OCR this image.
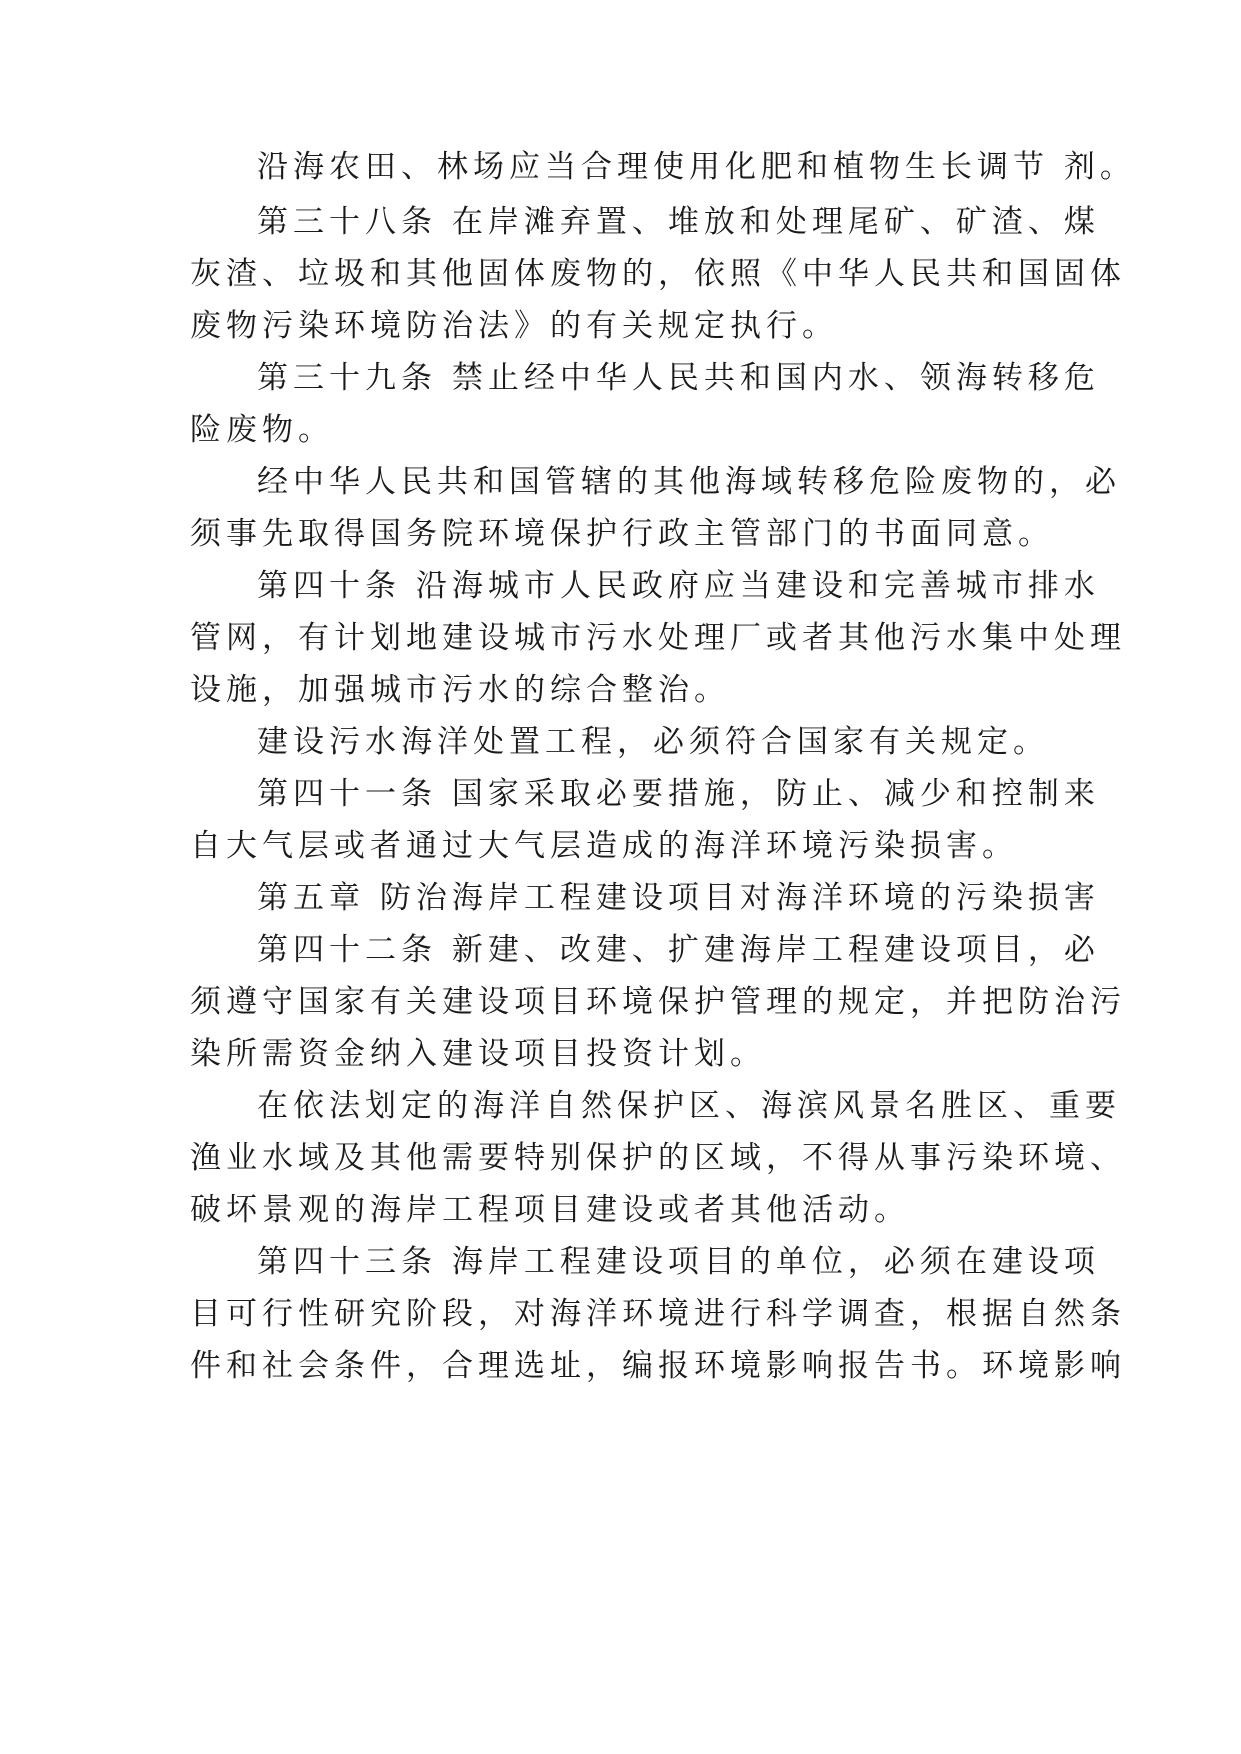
沿海农田、林场应当合理使用化肥和植物生长调节 剂。
第三十八条 在岸滩弃置、堆放和处理尾矿、矿渣、煤
灰渣、垃圾和其他固体废物的，依照《中华人民共和国固体
废物污染环境防治法》的有关规定执行。
第三十九条 禁止经中华人民共和国内水、领海转移危
险废物。
经中华人民共和国管辖的其他海域转移危险废物的，必
须事先取得国务院环境保护行政主管部门的书面同意。
第四十条 沿海城市人民政府应当建设和完善城市排水
管网，有计划地建设城市污水处理厂或者其他污水集中处理
设施，加强城市污水的综合整治。
建设污水海洋处置工程，必须符合国家有关规定。
第四十一条 国家采取必要措施，防止、减少和控制来
自大气层或者通过大气层造成的海洋环境污染损害。
第五章 防治海岸工程建设项目对海洋环境的污染损害
第四十二条 新建、改建、扩建海岸工程建设项目，必
须遵守国家有关建设项目环境保护管理的规定，并把防治污
染所需资金纳入建设项目投资计划。
在依法划定的海洋自然保护区、海滨风景名胜区、重要
渔业水域及其他需要特别保护的区域，不得从事污染环境、
破坏景观的海岸工程项目建设或者其他活动。
第四十三条 海岸工程建设项目的单位，必须在建设项
目可行性研究阶段，对海洋环境进行科学调查，根据自然条
件和社会条件，合理选址，编报环境影响报告书。环境影响
